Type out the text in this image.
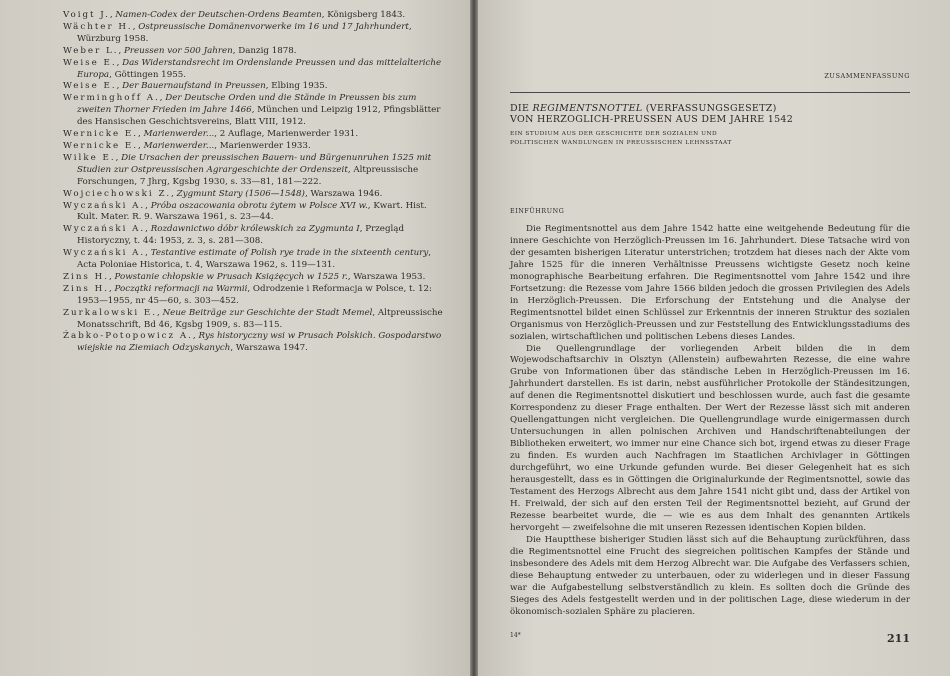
Voigt J., Namen-Codex der Deutschen-Ordens Beamten, Königsberg 1843.

Wächter H., Ostpreussische Domänenvorwerke im 16 und 17 Jahrhundert, Würzburg 1958.

Weber L., Preussen vor 500 Jahren, Danzig 1878.

Weise E., Das Widerstandsrecht im Ordenslande Preussen und das mittelalteriche Europa, Göttingen 1955.

Weise E., Der Bauernaufstand in Preussen, Elbing 1935.

Werminghoff A., Der Deutsche Orden und die Stände in Preussen bis zum zweiten Thorner Frieden im Jahre 1466, München und Leipzig 1912, Pfingsblätter des Hansischen Geschichtsvereins, Blatt VIII, 1912.

Wernicke E., Marienwerder..., 2 Auflage, Marienwerder 1931.

Wernicke E., Marienwerder..., Marienwerder 1933.

Wilke E., Die Ursachen der preussischen Bauern- und Bürgenunruhen 1525 mit Studien zur Ostpreussischen Agrargeschichte der Ordenszeit, Altpreussische Forschungen, 7 Jhrg, Kgsbg 1930, s. 33—81, 181—222.

Wojciechowski Z., Zygmunt Stary (1506—1548), Warszawa 1946.

Wyczański A., Próba oszacowania obrotu żytem w Polsce XVI w., Kwart. Hist. Kult. Mater. R. 9. Warszawa 1961, s. 23—44.

Wyczański A., Rozdawnictwo dóbr królewskich za Zygmunta I, Przegląd Historyczny, t. 44: 1953, z. 3, s. 281—308.

Wyczański A., Testantive estimate of Polish rye trade in the sixteenth century, Acta Poloniae Historica, t. 4, Warszawa 1962, s. 119—131.

Zins H., Powstanie chłopskie w Prusach Książęcych w 1525 r., Warszawa 1953.

Zins H., Początki reformacji na Warmii, Odrodzenie i Reformacja w Polsce, t. 12: 1953—1955, nr 45—60, s. 303—452.

Zurkalowski E., Neue Beiträge zur Geschichte der Stadt Memel, Altpreussische Monatsschrift, Bd 46, Kgsbg 1909, s. 83—115.

Żabko-Potopowicz A., Rys historyczny wsi w Prusach Polskich. Gospodarstwo wiejskie na Ziemiach Odzyskanych, Warszawa 1947.

ZUSAMMENFASSUNG
DIE REGIMENTSNOTTEL (VERFASSUNGSGESETZ)
VON HERZOGLICH-PREUSSEN AUS DEM JAHRE 1542
EIN STUDIUM AUS DER GESCHICHTE DER SOZIALEN UND
POLITISCHEN WANDLUNGEN IN PREUSSISCHEN LEHNSSTAAT
EINFÜHRUNG

Die Regimentsnottel aus dem Jahre 1542 hatte eine weitgehende Bedeutung für die innere Geschichte von Herzöglich-Preussen im 16. Jahrhundert. Diese Tatsache wird von der gesamten bisherigen Literatur unterstrichen; trotzdem hat dieses nach der Akte vom Jahre 1525 für die inneren Verhältnisse Preussens wichtigste Gesetz noch keine monographische Bearbeitung erfahren. Die Regimentsnottel vom Jahre 1542 und ihre Fortsetzung: die Rezesse vom Jahre 1566 bilden jedoch die grossen Privilegien des Adels in Herzöglich-Preussen. Die Erforschung der Entstehung und die Analyse der Regimentsnottel bildet einen Schlüssel zur Erkenntnis der inneren Struktur des sozialen Organismus von Herzöglich-Preussen und zur Feststellung des Entwicklungsstadiums des sozialen, wirtschaftlichen und politischen Lebens dieses Landes.

Die Quellengrundlage der vorliegenden Arbeit bilden die in dem Wojewodschaftsarchiv in Olsztyn (Allenstein) aufbewahrten Rezesse, die eine wahre Grube von Informationen über das ständische Leben in Herzöglich-Preussen im 16. Jahrhundert darstellen. Es ist darin, nebst ausführlicher Protokolle der Ständesitzungen, auf denen die Regimentsnottel diskutiert und beschlossen wurde, auch fast die gesamte Korrespondenz zu dieser Frage enthalten. Der Wert der Rezesse lässt sich mit anderen Quellengattungen nicht vergleichen. Die Quellengrundlage wurde einigermassen durch Untersuchungen in allen polnischen Archiven und Handschriftenabteilungen der Bibliotheken erweitert, wo immer nur eine Chance sich bot, irgend etwas zu dieser Frage zu finden. Es wurden auch Nachfragen im Staatlichen Archivlager in Göttingen durchgeführt, wo eine Urkunde gefunden wurde. Bei dieser Gelegenheit hat es sich herausgestellt, dass es in Göttingen die Originalurkunde der Regimentsnottel, sowie das Testament des Herzogs Albrecht aus dem Jahre 1541 nicht gibt und, dass der Artikel von H. Freiwald, der sich auf den ersten Teil der Regimentsnottel bezieht, auf Grund der Rezesse bearbeitet wurde, die — wie es aus dem Inhalt des genannten Artikels hervorgeht — zweifelsohne die mit unseren Rezessen identischen Kopien bilden.

Die Hauptthese bisheriger Studien lässt sich auf die Behauptung zurückführen, dass die Regimentsnottel eine Frucht des siegreichen politischen Kampfes der Stände und insbesondere des Adels mit dem Herzog Albrecht war. Die Aufgabe des Verfassers schien, diese Behauptung entweder zu unterbauen, oder zu widerlegen und in dieser Fassung war die Aufgabestellung selbstverständlich zu klein. Es sollten doch die Gründe des Sieges des Adels festgestellt werden und in der politischen Lage, diese wiederum in der ökonomisch-sozialen Sphäre zu placieren.

14*	211
